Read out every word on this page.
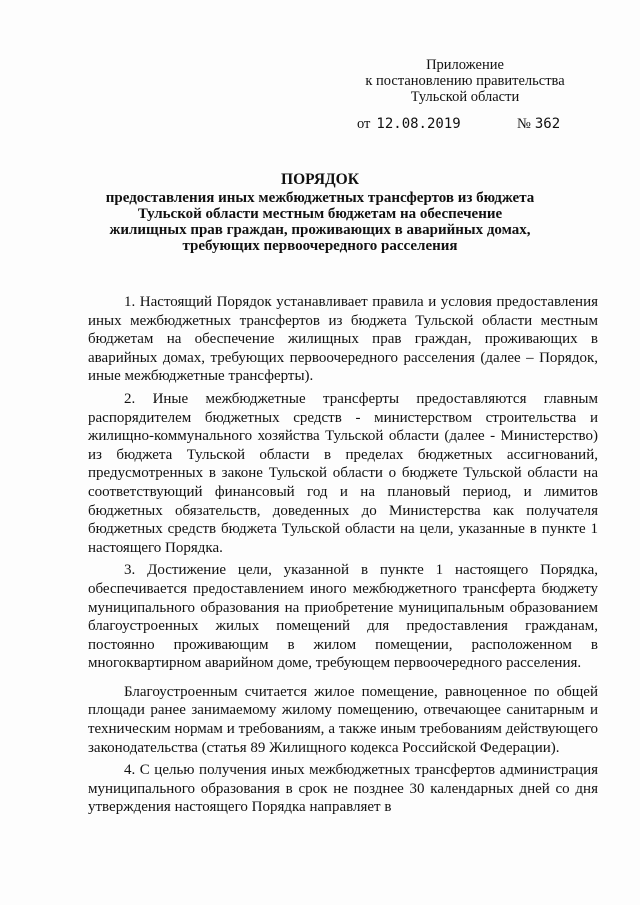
Приложение
к постановлению правительства
Тульской области
от 12.08.2019	№ 362
ПОРЯДОК
предоставления иных межбюджетных трансфертов из бюджета
Тульской области местным бюджетам на обеспечение
жилищных прав граждан, проживающих в аварийных домах,
требующих первоочередного расселения

1. Настоящий Порядок устанавливает правила и условия предоставления иных межбюджетных трансфертов из бюджета Тульской области местным бюджетам на обеспечение жилищных прав граждан, проживающих в аварийных домах, требующих первоочередного расселения (далее – Порядок, иные межбюджетные трансферты).

2. Иные межбюджетные трансферты предоставляются главным распорядителем бюджетных средств - министерством строительства и жилищно-коммунального хозяйства Тульской области (далее - Министерство) из бюджета Тульской области в пределах бюджетных ассигнований, предусмотренных в законе Тульской области о бюджете Тульской области на соответствующий финансовый год и на плановый период, и лимитов бюджетных обязательств, доведенных до Министерства как получателя бюджетных средств бюджета Тульской области на цели, указанные в пункте 1 настоящего Порядка.

3. Достижение цели, указанной в пункте 1 настоящего Порядка, обеспечивается предоставлением иного межбюджетного трансферта бюджету муниципального образования на приобретение муниципальным образованием благоустроенных жилых помещений для предоставления гражданам, постоянно проживающим в жилом помещении, расположенном в многоквартирном аварийном доме, требующем первоочередного расселения.

Благоустроенным считается жилое помещение, равноценное по общей площади ранее занимаемому жилому помещению, отвечающее санитарным и техническим нормам и требованиям, а также иным требованиям действующего законодательства (статья 89 Жилищного кодекса Российской Федерации).

4. С целью получения иных межбюджетных трансфертов администрация муниципального образования в срок не позднее 30 календарных дней со дня утверждения настоящего Порядка направляет в
